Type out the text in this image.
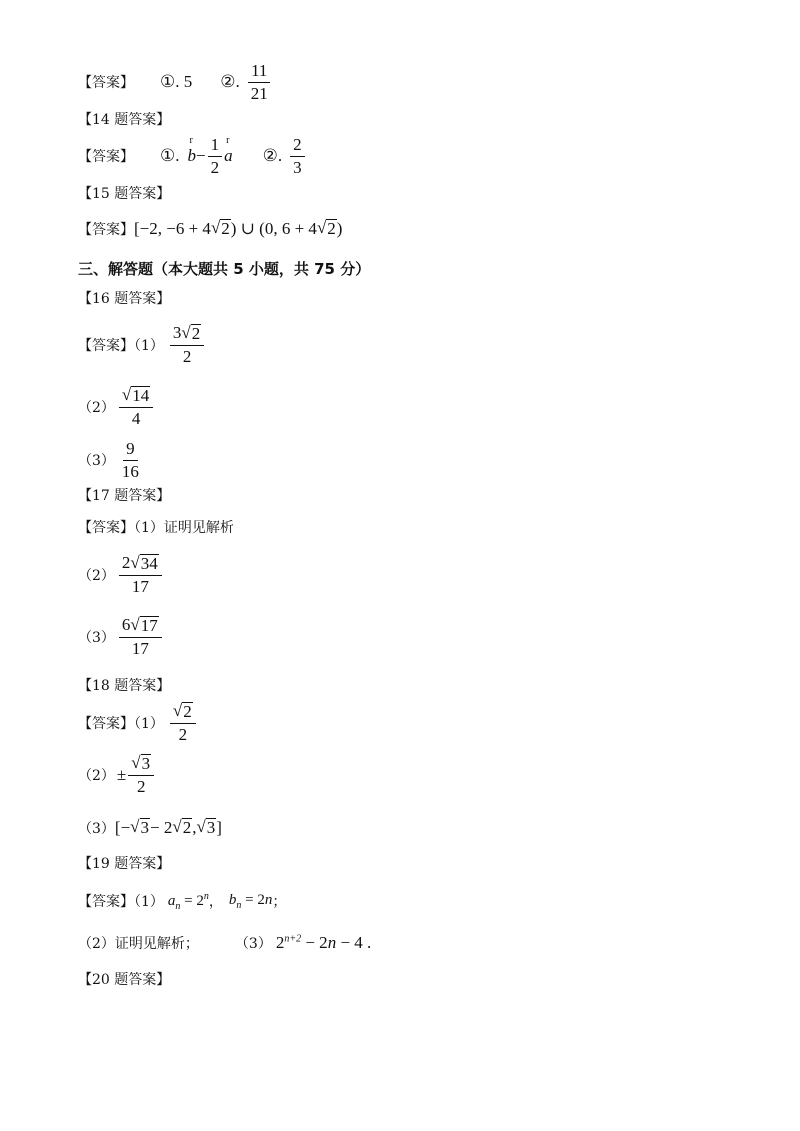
【答案】 ①. 5 ②. $\frac{11}{21}$
【14 题答案】
【答案】 ①.
r
$b - \frac{1}{2}$ r
a ②. $\frac{2}{3}$
【15 题答案】
【答案】 [−2, −6 + 4 √ 2 ) ∪ (0, 6 + 4 √ 2 )
三、解答题（本大题共 5 小题，共 75 分）
【16 题答案】
【答案】$(1) \frac{3 √ 2}{2}$
$(2) \frac{√ 14}{4}$
$(3) \frac{9}{16}$
【17 题答案】
【答案】（1）证明见解析
$(2) \frac{2 √ 34}{17}$
$(3) \frac{6 √ 17}{17}$
【18 题答案】
【答案】$(1) \frac{√ 2}{2}$
$(2) \pm \frac{√ 3}{2}$
（3） [− √ 3 − 2 √ 2 , √ 3 ]
【19 题答案】
【答案】（1） $a_n = 2^n$ ， $b_n = 2n$ ；
（2）证明见解析；	（3） $2^{n+2} - 2n - 4$ .
【20 题答案】
